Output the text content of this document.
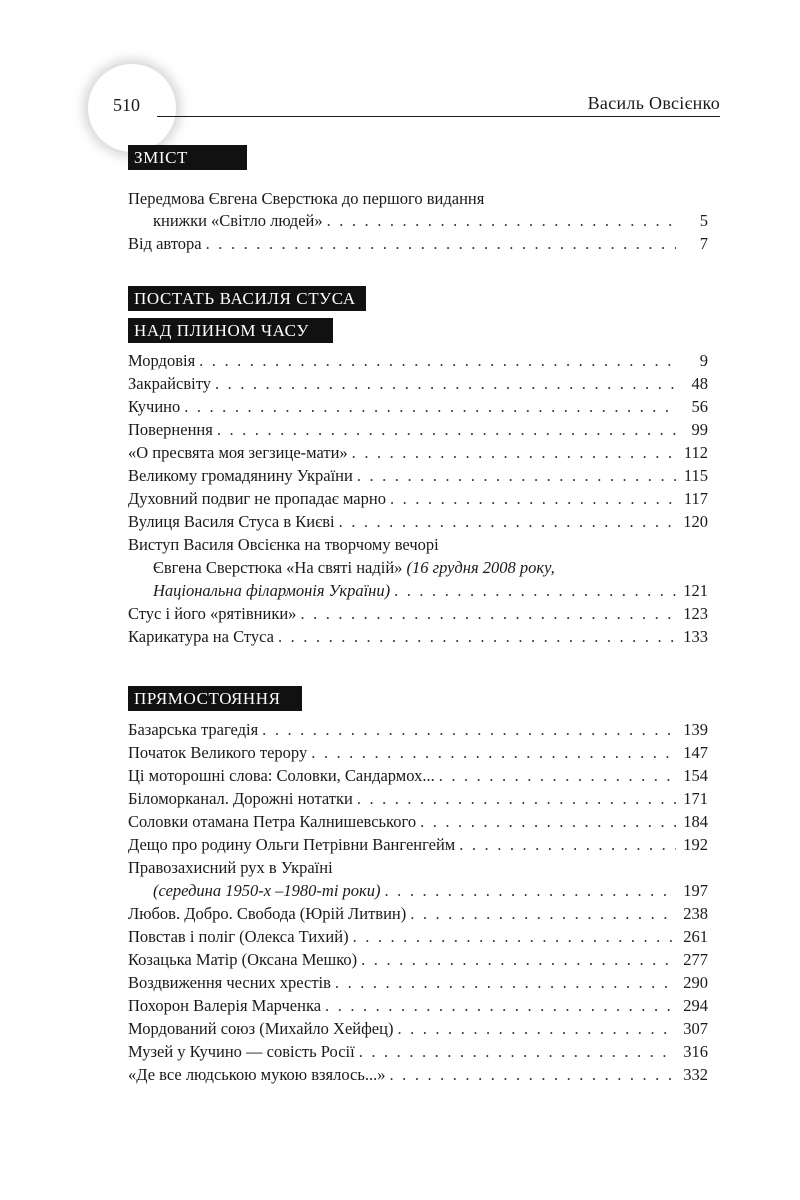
510	Василь Овсієнко
ЗМІСТ
Передмова Євгена Сверстюка до першого видання
книжки «Світло людей» . . .	5
Від автора . . .	7
ПОСТАТЬ ВАСИЛЯ СТУСА
НАД ПЛИНОМ ЧАСУ
Мордовія . . .	9
Закрайсвіту . . .	48
Кучино . . .	56
Повернення . . .	99
«О пресвята моя зегзице-мати» . . .	112
Великому громадянину України . . .	115
Духовний подвиг не пропадає марно . . .	117
Вулиця Василя Стуса в Києві . . .	120
Виступ Василя Овсієнка на творчому вечорі
Євгена Сверстюка «На святі надій» (16 грудня 2008 року,
Національна філармонія України) . . .	121
Стус і його «рятівники» . . .	123
Карикатура на Стуса . . .	133
ПРЯМОСТОЯННЯ
Базарська трагедія . . .	139
Початок Великого терору . . .	147
Ці моторошні слова: Соловки, Сандармох... . . .	154
Біломорканал. Дорожні нотатки . . .	171
Соловки отамана Петра Калнишевського . . .	184
Дещо про родину Ольги Петрівни Вангенгейм . . .	192
Правозахисний рух в Україні
(середина 1950-х –1980-ті роки) . . .	197
Любов. Добро. Свобода (Юрій Литвин) . . .	238
Повстав і поліг (Олекса Тихий) . . .	261
Козацька Матір (Оксана Мешко) . . .	277
Воздвиження чесних хрестів . . .	290
Похорон Валерія Марченка . . .	294
Мордований союз (Михайло Хейфец) . . .	307
Музей у Кучино — совість Росії . . .	316
«Де все людською мукою взялось...» . . .	332
